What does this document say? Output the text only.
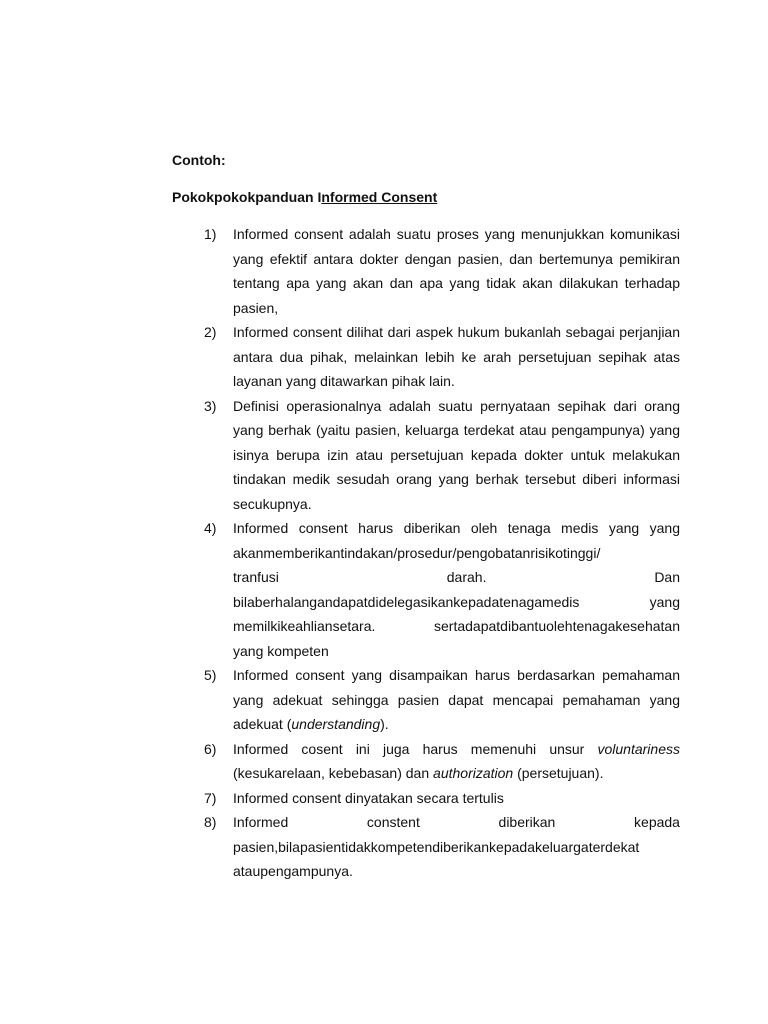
Contoh:
Pokokpokokpanduan Informed Consent
1) Informed consent adalah suatu proses yang menunjukkan komunikasi yang efektif antara dokter dengan pasien, dan bertemunya pemikiran tentang apa yang akan dan apa yang tidak akan dilakukan terhadap pasien,
2) Informed consent dilihat dari aspek hukum bukanlah sebagai perjanjian antara dua pihak, melainkan lebih ke arah persetujuan sepihak atas layanan yang ditawarkan pihak lain.
3) Definisi operasionalnya adalah suatu pernyataan sepihak dari orang yang berhak (yaitu pasien, keluarga terdekat atau pengampunya) yang isinya berupa izin atau persetujuan kepada dokter untuk melakukan tindakan medik sesudah orang yang berhak tersebut diberi informasi secukupnya.
4) Informed consent harus diberikan oleh tenaga medis yang yang
akanmemberikantindakan/prosedur/pengobatanrisikotinggi/
tranfusi	darah.	Dan
bilaberhalangandapatdidelegasikankepadatenagamedis	yang
memilkikeahliansetara.	sertadapatdibantuolehtenagakesehatan
yang kompeten
5) Informed consent yang disampaikan harus berdasarkan pemahaman yang adekuat sehingga pasien dapat mencapai pemahaman yang adekuat (understanding).
6) Informed cosent ini juga harus memenuhi unsur voluntariness (kesukarelaan, kebebasan) dan authorization (persetujuan).
7) Informed consent dinyatakan secara tertulis
8) Informed	constent	diberikan	kepada
pasien,bilapasientidakkompetendiberikankepadakeluargaterdekat
ataupengampunya.
